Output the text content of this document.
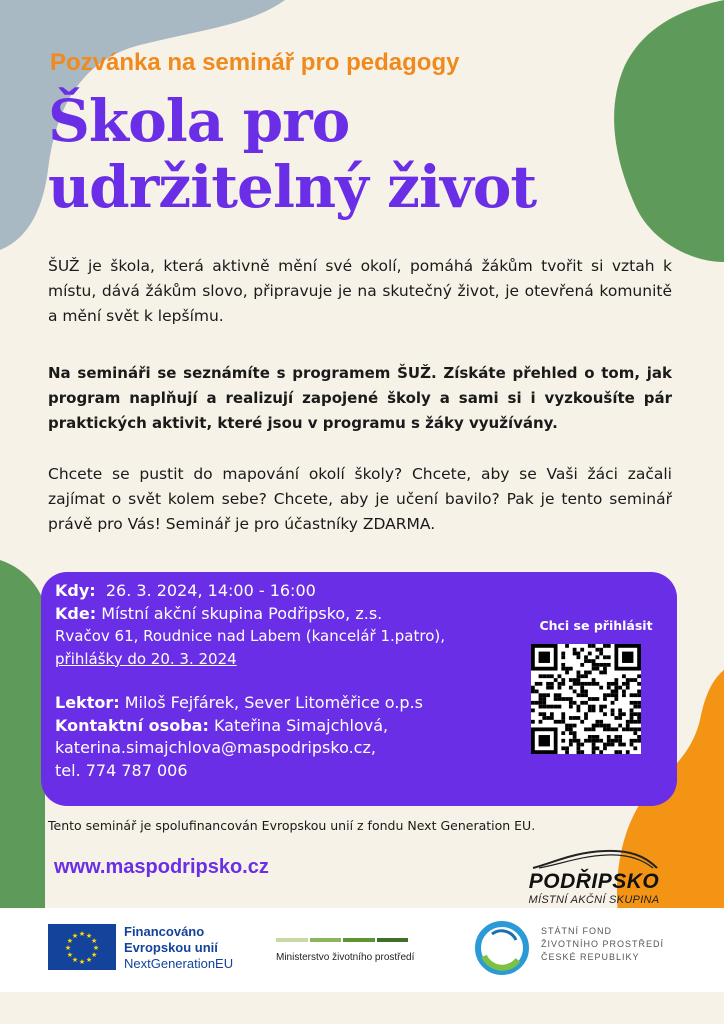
Pozvánka na seminář pro pedagogy
Škola pro
udržitelný život
ŠUŽ je škola, která aktivně mění své okolí, pomáhá žákům tvořit si vztah k místu, dává žákům slovo, připravuje je na skutečný život, je otevřená komunitě a mění svět k lepšímu.
Na semináři se seznámíte s programem ŠUŽ. Získáte přehled o tom, jak program naplňují a realizují zapojené školy a sami si i vyzkoušíte pár praktických aktivit, které jsou v programu s žáky využívány.
Chcete se pustit do mapování okolí školy? Chcete, aby se Vaši žáci začali zajímat o svět kolem sebe? Chcete, aby je učení bavilo? Pak je tento seminář právě pro Vás! Seminář je pro účastníky ZDARMA.
Kdy: 26. 3. 2024, 14:00 - 16:00
Kde: Místní akční skupina Podřipsko, z.s.
Rvačov 61, Roudnice nad Labem (kancelář 1.patro),
přihlášky do 20. 3. 2024
Lektor: Miloš Fejfárek, Sever Litoměřice o.p.s
Kontaktní osoba: Kateřina Simajchlová,
katerina.simajchlova@maspodripsko.cz,
tel. 774 787 006
Chci se přihlásit
Tento seminář je spolufinancován Evropskou unií z fondu Next Generation EU.
www.maspodripsko.cz
PODŘIPSKO
MÍSTNÍ AKČNÍ SKUPINA
★
★
★
★
★
★
★
★
★ ★ ★
★
Financováno
Evropskou unií
NextGenerationEU	Ministerstvo životního prostředí
STÁTNÍ FOND
ŽIVOTNÍHO PROSTŘEDÍ
ČESKÉ REPUBLIKY
